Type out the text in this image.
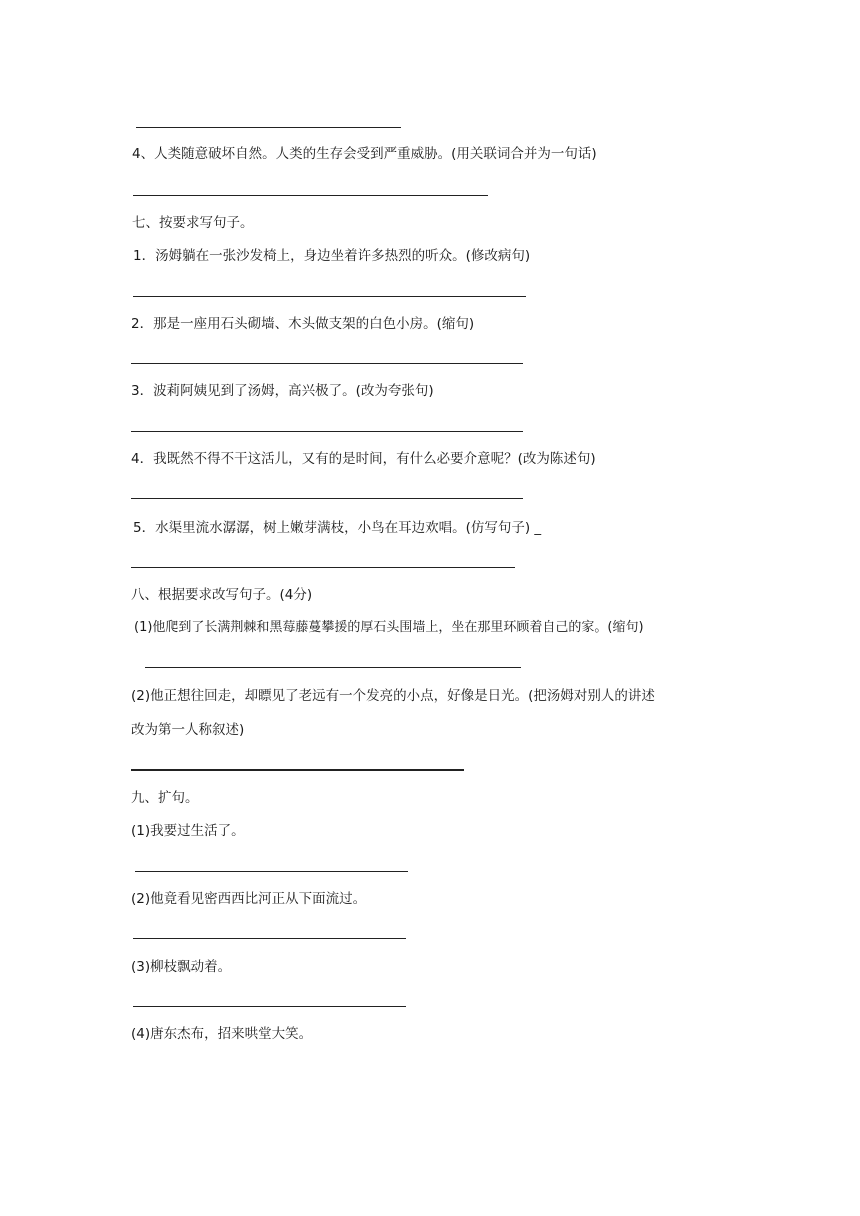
4、人类随意破坏自然。人类的生存会受到严重威胁。(用关联词合并为一句话)
七、按要求写句子。
1．汤姆躺在一张沙发椅上，身边坐着许多热烈的听众。(修改病句)
2．那是一座用石头砌墙、木头做支架的白色小房。(缩句)
3．波莉阿姨见到了汤姆，高兴极了。(改为夸张句)
4．我既然不得不干这活儿，又有的是时间，有什么必要介意呢？(改为陈述句)
5．水渠里流水潺潺，树上嫩芽满枝，小鸟在耳边欢唱。(仿写句子) _
八、根据要求改写句子。(4分)
(1)他爬到了长满荆棘和黑莓藤蔓攀援的厚石头围墙上，坐在那里环顾着自己的家。(缩句)
(2)他正想往回走，却瞟见了老远有一个发亮的小点，好像是日光。(把汤姆对别人的讲述
改为第一人称叙述)
九、扩句。
(1)我要过生活了。
(2)他竟看见密西西比河正从下面流过。
(3)柳枝飘动着。
(4)唐东杰布，招来哄堂大笑。
